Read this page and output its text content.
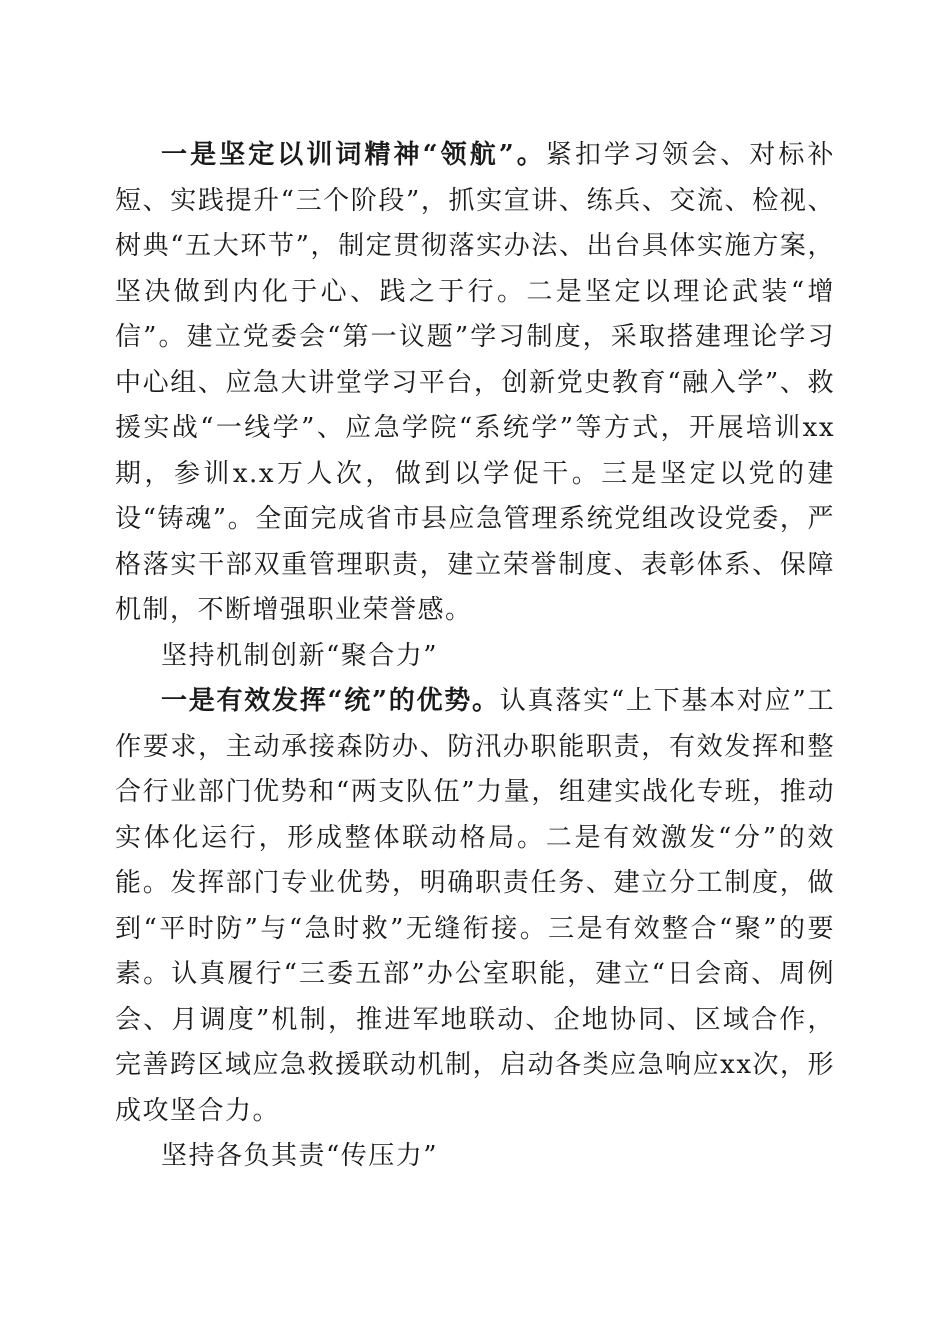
一是坚定以训词精神“领航”。紧扣学习领会、对标补短、实践提升“三个阶段”，抓实宣讲、练兵、交流、检视、树典“五大环节”，制定贯彻落实办法、出台具体实施方案，坚决做到内化于心、践之于行。二是坚定以理论武装“增信”。建立党委会“第一议题”学习制度，采取搭建理论学习中心组、应急大讲堂学习平台，创新党史教育“融入学”、救援实战“一线学”、应急学院“系统学”等方式，开展培训xx期，参训x.x万人次，做到以学促干。三是坚定以党的建设“铸魂”。全面完成省市县应急管理系统党组改设党委，严格落实干部双重管理职责，建立荣誉制度、表彰体系、保障机制，不断增强职业荣誉感。

坚持机制创新“聚合力”

一是有效发挥“统”的优势。认真落实“上下基本对应”工作要求，主动承接森防办、防汛办职能职责，有效发挥和整合行业部门优势和“两支队伍”力量，组建实战化专班，推动实体化运行，形成整体联动格局。二是有效激发“分”的效能。发挥部门专业优势，明确职责任务、建立分工制度，做到“平时防”与“急时救”无缝衔接。三是有效整合“聚”的要素。认真履行“三委五部”办公室职能，建立“日会商、周例会、月调度”机制，推进军地联动、企地协同、区域合作，完善跨区域应急救援联动机制，启动各类应急响应xx次，形成攻坚合力。

坚持各负其责“传压力”
